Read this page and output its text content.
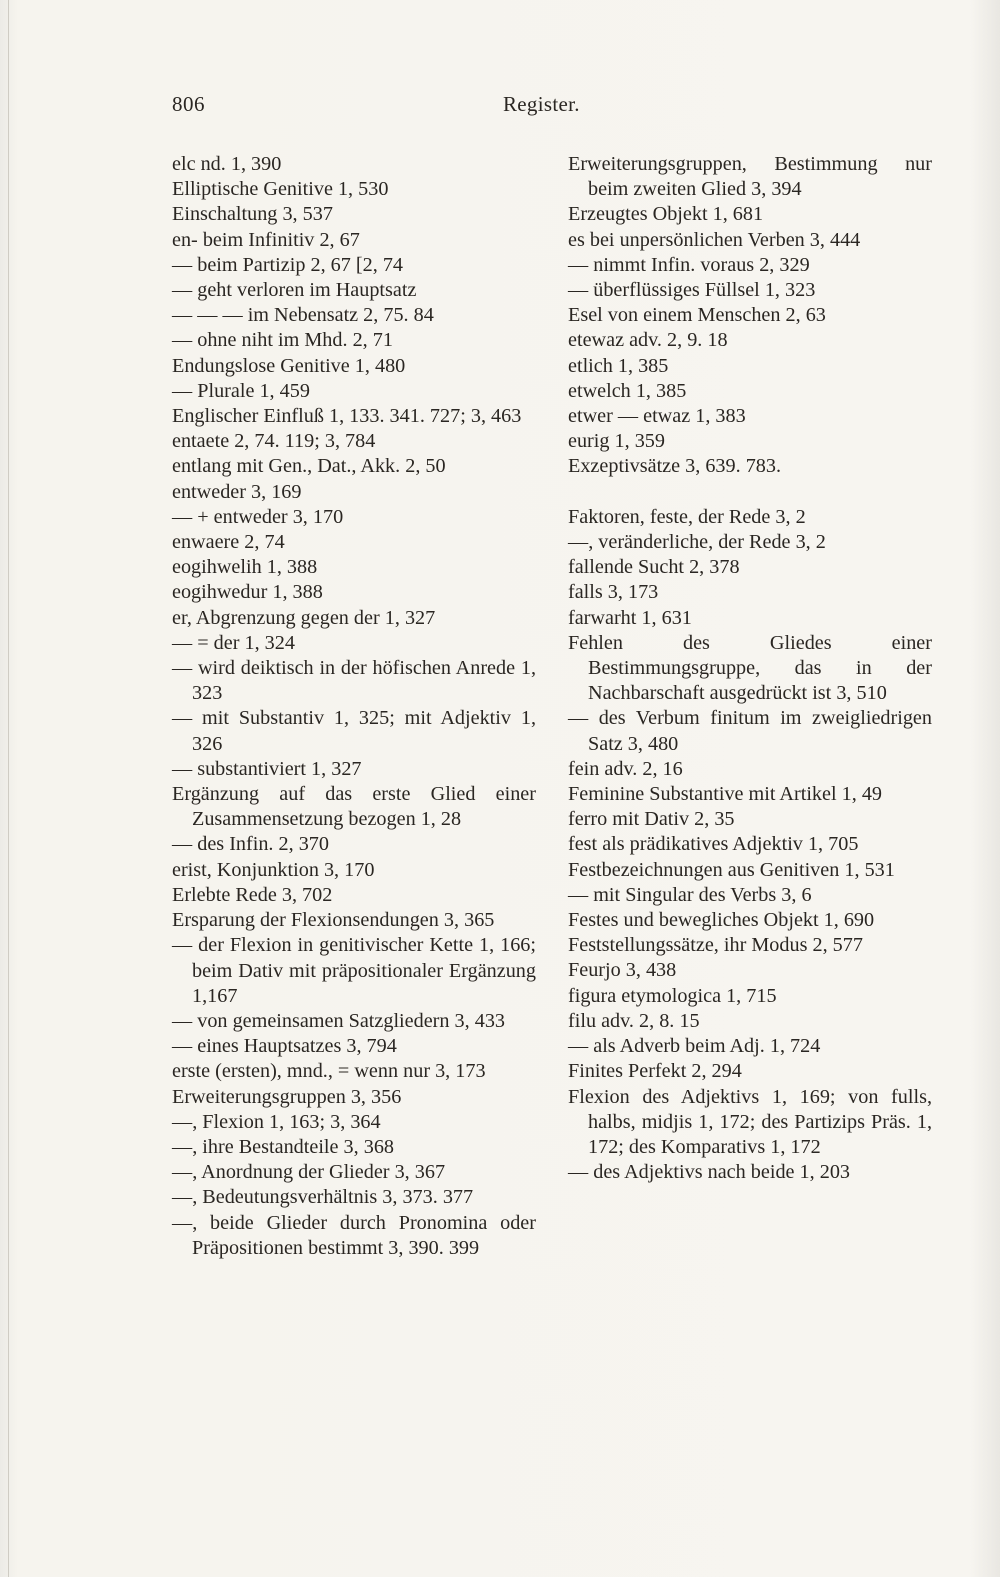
806	Register.
elc nd. 1, 390
Elliptische Genitive 1, 530
Einschaltung 3, 537
en- beim Infinitiv 2, 67
— beim Partizip 2, 67 [2, 74
— geht verloren im Hauptsatz
— — — im Nebensatz 2, 75. 84
— ohne niht im Mhd. 2, 71
Endungslose Genitive 1, 480
— Plurale 1, 459
Englischer Einfluß 1, 133. 341. 727; 3, 463
entaete 2, 74. 119; 3, 784
entlang mit Gen., Dat., Akk. 2, 50
entweder 3, 169
— + entweder 3, 170
enwaere 2, 74
eogihwelih 1, 388
eogihwedur 1, 388
er, Abgrenzung gegen der 1, 327
— = der 1, 324
— wird deiktisch in der höfischen Anrede 1, 323
— mit Substantiv 1, 325; mit Adjektiv 1, 326
— substantiviert 1, 327
Ergänzung auf das erste Glied einer Zusammensetzung bezogen 1, 28
— des Infin. 2, 370
erist, Konjunktion 3, 170
Erlebte Rede 3, 702
Ersparung der Flexionsendungen 3, 365
— der Flexion in genitivischer Kette 1, 166; beim Dativ mit präpositionaler Ergänzung 1,167
— von gemeinsamen Satzgliedern 3, 433
— eines Hauptsatzes 3, 794
erste (ersten), mnd., = wenn nur 3, 173
Erweiterungsgruppen 3, 356
—, Flexion 1, 163; 3, 364
—, ihre Bestandteile 3, 368
—, Anordnung der Glieder 3, 367
—, Bedeutungsverhältnis 3, 373. 377
—, beide Glieder durch Pronomina oder Präpositionen bestimmt 3, 390. 399
Erweiterungsgruppen, Bestimmung nur beim zweiten Glied 3, 394
Erzeugtes Objekt 1, 681
es bei unpersönlichen Verben 3, 444
— nimmt Infin. voraus 2, 329
— überflüssiges Füllsel 1, 323
Esel von einem Menschen 2, 63
etewaz adv. 2, 9. 18
etlich 1, 385
etwelch 1, 385
etwer — etwaz 1, 383
eurig 1, 359
Exzeptivsätze 3, 639. 783.
Faktoren, feste, der Rede 3, 2
—, veränderliche, der Rede 3, 2
fallende Sucht 2, 378
falls 3, 173
farwarht 1, 631
Fehlen des Gliedes einer Bestimmungsgruppe, das in der Nachbarschaft ausgedrückt ist 3, 510
— des Verbum finitum im zweigliedrigen Satz 3, 480
fein adv. 2, 16
Feminine Substantive mit Artikel 1, 49
ferro mit Dativ 2, 35
fest als prädikatives Adjektiv 1, 705
Festbezeichnungen aus Genitiven 1, 531
— mit Singular des Verbs 3, 6
Festes und bewegliches Objekt 1, 690
Feststellungssätze, ihr Modus 2, 577
Feurjo 3, 438
figura etymologica 1, 715
filu adv. 2, 8. 15
— als Adverb beim Adj. 1, 724
Finites Perfekt 2, 294
Flexion des Adjektivs 1, 169; von fulls, halbs, midjis 1, 172; des Partizips Präs. 1, 172; des Komparativs 1, 172
— des Adjektivs nach beide 1, 203
